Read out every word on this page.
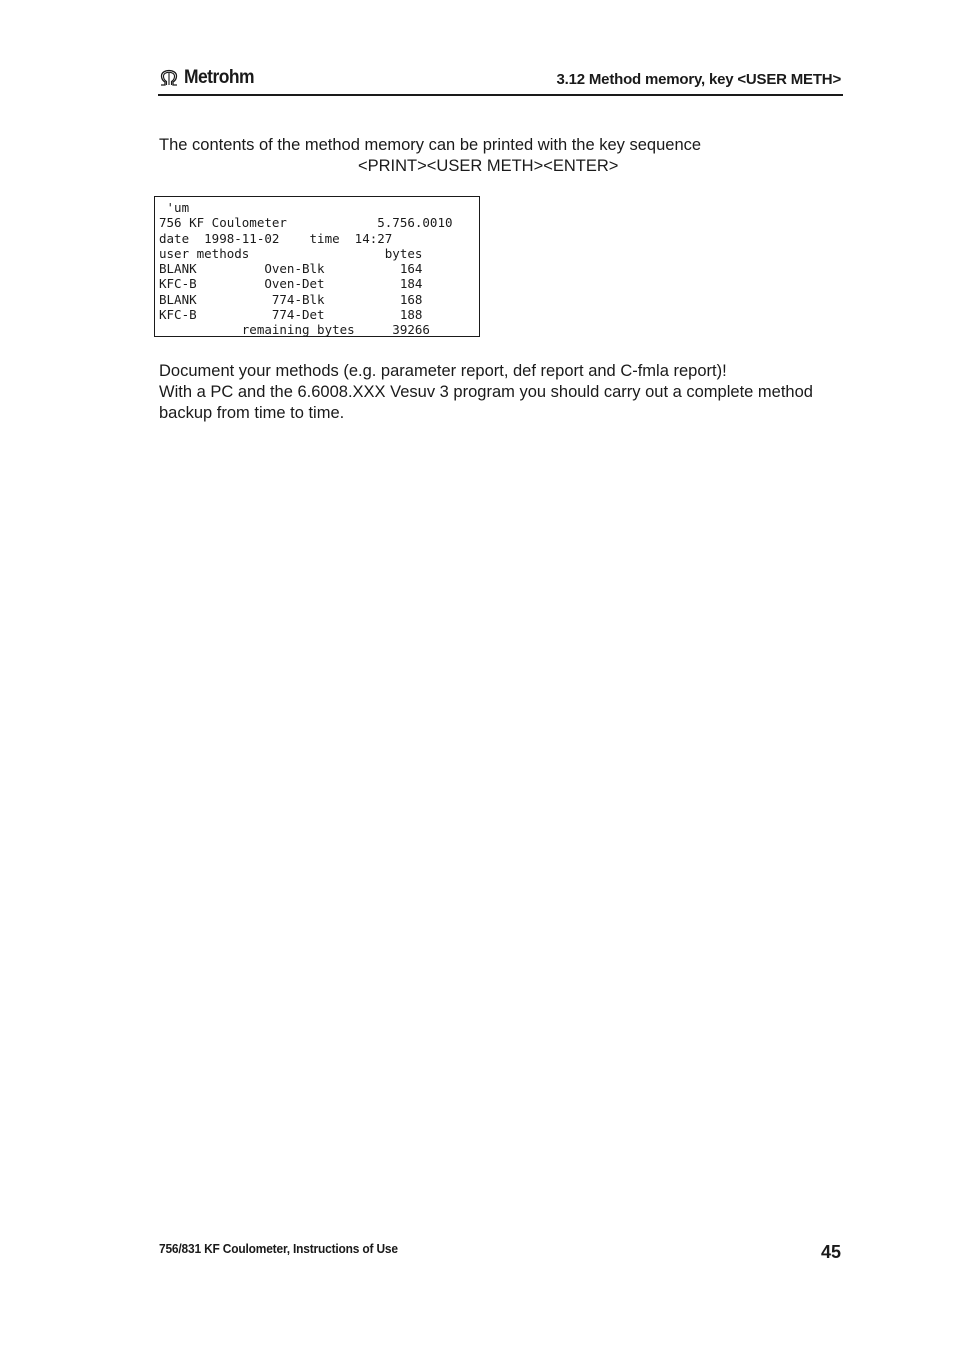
Metrohm	3.12 Method memory, key <USER METH>
The contents of the method memory can be printed with the key sequence
<PRINT><USER METH><ENTER>
'um
756 KF Coulometer            5.756.0010
date  1998-11-02    time  14:27
user methods                  bytes
BLANK         Oven-Blk          164
KFC-B         Oven-Det          184
BLANK          774-Blk          168
KFC-B          774-Det          188
remaining bytes     39266
Document your methods (e.g. parameter report, def report and C-fmla report)!
With a PC and the 6.6008.XXX Vesuv 3 program you should carry out a complete method
backup from time to time.
756/831 KF Coulometer, Instructions of Use	45
